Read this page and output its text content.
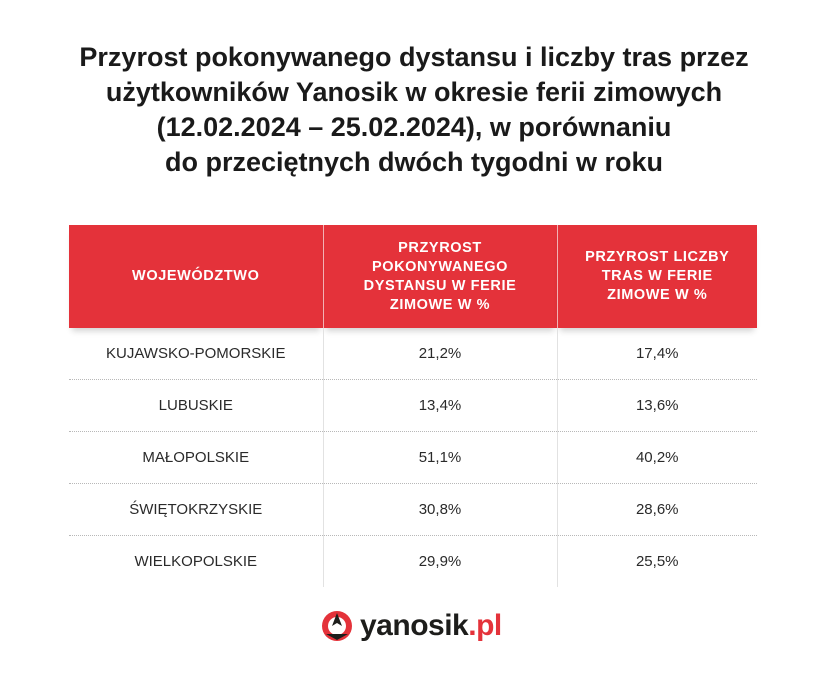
Przyrost pokonywanego dystansu i liczby tras przez
użytkowników Yanosik w okresie ferii zimowych
(12.02.2024 – 25.02.2024), w porównaniu
do przeciętnych dwóch tygodni w roku
WOJEWÓDZTWO	PRZYROST POKONYWANEGO DYSTANSU W FERIE ZIMOWE W %	PRZYROST LICZBY TRAS W FERIE ZIMOWE W %
KUJAWSKO-POMORSKIE	21,2%	17,4%
LUBUSKIE	13,4%	13,6%
MAŁOPOLSKIE	51,1%	40,2%
ŚWIĘTOKRZYSKIE	30,8%	28,6%
WIELKOPOLSKIE	29,9%	25,5%
yanosik.pl
